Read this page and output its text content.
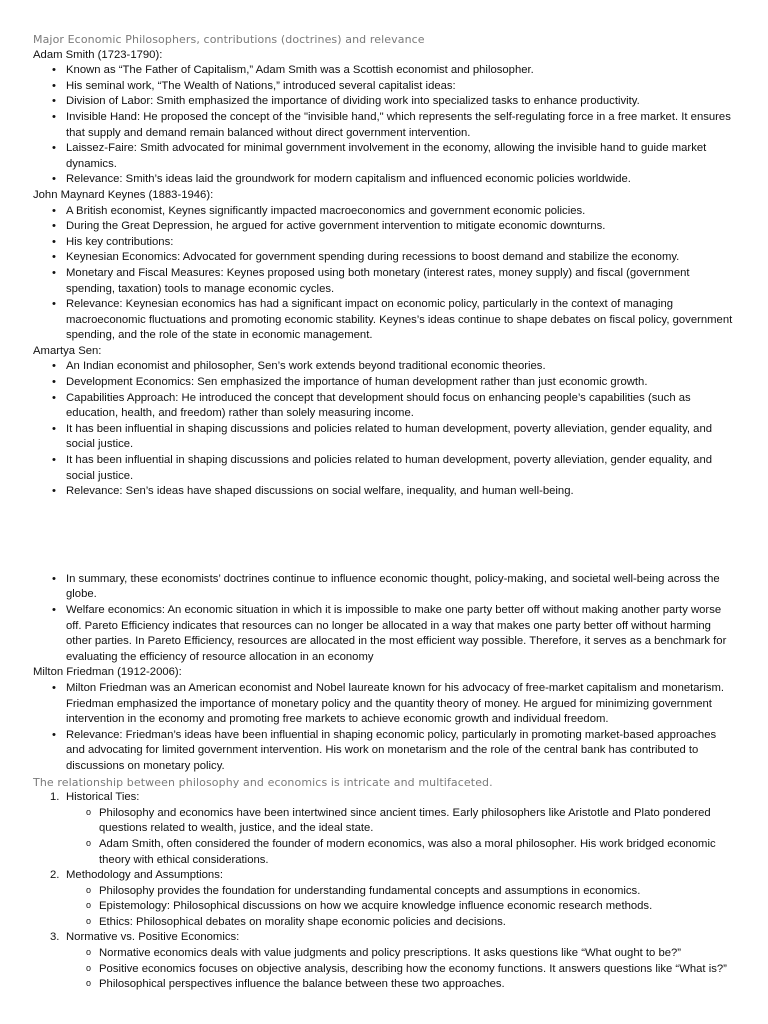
Major Economic Philosophers, contributions (doctrines) and relevance
Adam Smith (1723-1790):
• Known as “The Father of Capitalism,” Adam Smith was a Scottish economist and philosopher.
• His seminal work, “The Wealth of Nations,” introduced several capitalist ideas:
• Division of Labor: Smith emphasized the importance of dividing work into specialized tasks to enhance productivity.
• Invisible Hand: He proposed the concept of the "invisible hand," which represents the self-regulating force in a free market. It ensures that supply and demand remain balanced without direct government intervention.
• Laissez-Faire: Smith advocated for minimal government involvement in the economy, allowing the invisible hand to guide market dynamics.
• Relevance: Smith’s ideas laid the groundwork for modern capitalism and influenced economic policies worldwide.
John Maynard Keynes (1883-1946):
• A British economist, Keynes significantly impacted macroeconomics and government economic policies.
• During the Great Depression, he argued for active government intervention to mitigate economic downturns.
• His key contributions:
• Keynesian Economics: Advocated for government spending during recessions to boost demand and stabilize the economy.
• Monetary and Fiscal Measures: Keynes proposed using both monetary (interest rates, money supply) and fiscal (government spending, taxation) tools to manage economic cycles.
• Relevance: Keynesian economics has had a significant impact on economic policy, particularly in the context of managing macroeconomic fluctuations and promoting economic stability. Keynes’s ideas continue to shape debates on fiscal policy, government spending, and the role of the state in economic management.
Amartya Sen:
• An Indian economist and philosopher, Sen’s work extends beyond traditional economic theories.
• Development Economics: Sen emphasized the importance of human development rather than just economic growth.
• Capabilities Approach: He introduced the concept that development should focus on enhancing people’s capabilities (such as education, health, and freedom) rather than solely measuring income.
• It has been influential in shaping discussions and policies related to human development, poverty alleviation, gender equality, and social justice.
• It has been influential in shaping discussions and policies related to human development, poverty alleviation, gender equality, and social justice.
• Relevance: Sen’s ideas have shaped discussions on social welfare, inequality, and human well-being.
• In summary, these economists’ doctrines continue to influence economic thought, policy-making, and societal well-being across the globe.
• Welfare economics: An economic situation in which it is impossible to make one party better off without making another party worse off. Pareto Efficiency indicates that resources can no longer be allocated in a way that makes one party better off without harming other parties. In Pareto Efficiency, resources are allocated in the most efficient way possible. Therefore, it serves as a benchmark for evaluating the efficiency of resource allocation in an economy
Milton Friedman (1912-2006):
• Milton Friedman was an American economist and Nobel laureate known for his advocacy of free-market capitalism and monetarism. Friedman emphasized the importance of monetary policy and the quantity theory of money. He argued for minimizing government intervention in the economy and promoting free markets to achieve economic growth and individual freedom.
• Relevance: Friedman’s ideas have been influential in shaping economic policy, particularly in promoting market-based approaches and advocating for limited government intervention. His work on monetarism and the role of the central bank has contributed to discussions on monetary policy.
The relationship between philosophy and economics is intricate and multifaceted.
1. Historical Ties:
o Philosophy and economics have been intertwined since ancient times. Early philosophers like Aristotle and Plato pondered questions related to wealth, justice, and the ideal state.
o Adam Smith, often considered the founder of modern economics, was also a moral philosopher. His work bridged economic theory with ethical considerations.
2. Methodology and Assumptions:
o Philosophy provides the foundation for understanding fundamental concepts and assumptions in economics.
o Epistemology: Philosophical discussions on how we acquire knowledge influence economic research methods.
o Ethics: Philosophical debates on morality shape economic policies and decisions.
3. Normative vs. Positive Economics:
o Normative economics deals with value judgments and policy prescriptions. It asks questions like “What ought to be?”
o Positive economics focuses on objective analysis, describing how the economy functions. It answers questions like “What is?”
o Philosophical perspectives influence the balance between these two approaches.
